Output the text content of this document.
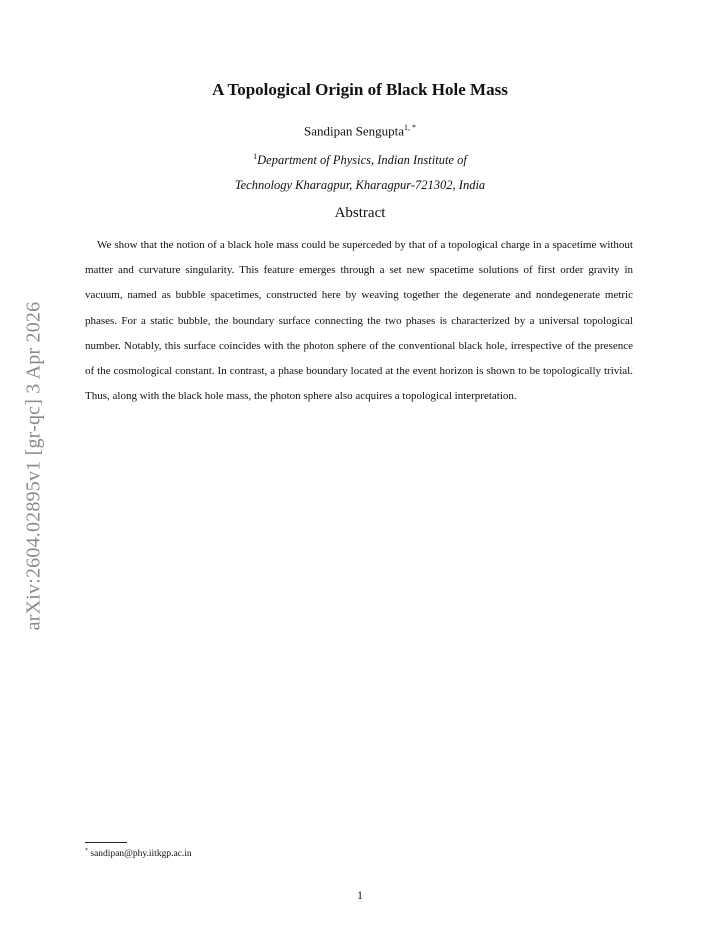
arXiv:2604.02895v1 [gr-qc] 3 Apr 2026
A Topological Origin of Black Hole Mass
Sandipan Sengupta$^{1, *}$
$^1$Department of Physics, Indian Institute of
Technology Kharagpur, Kharagpur-721302, India
Abstract

We show that the notion of a black hole mass could be superceded by that of a topological charge in a spacetime without matter and curvature singularity. This feature emerges through a set new spacetime solutions of first order gravity in vacuum, named as bubble spacetimes, constructed here by weaving together the degenerate and nondegenerate metric phases. For a static bubble, the boundary surface connecting the two phases is characterized by a universal topological number. Notably, this surface coincides with the photon sphere of the conventional black hole, irrespective of the presence of the cosmological constant. In contrast, a phase boundary located at the event horizon is shown to be topologically trivial. Thus, along with the black hole mass, the photon sphere also acquires a topological interpretation.

* sandipan@phy.iitkgp.ac.in
1
